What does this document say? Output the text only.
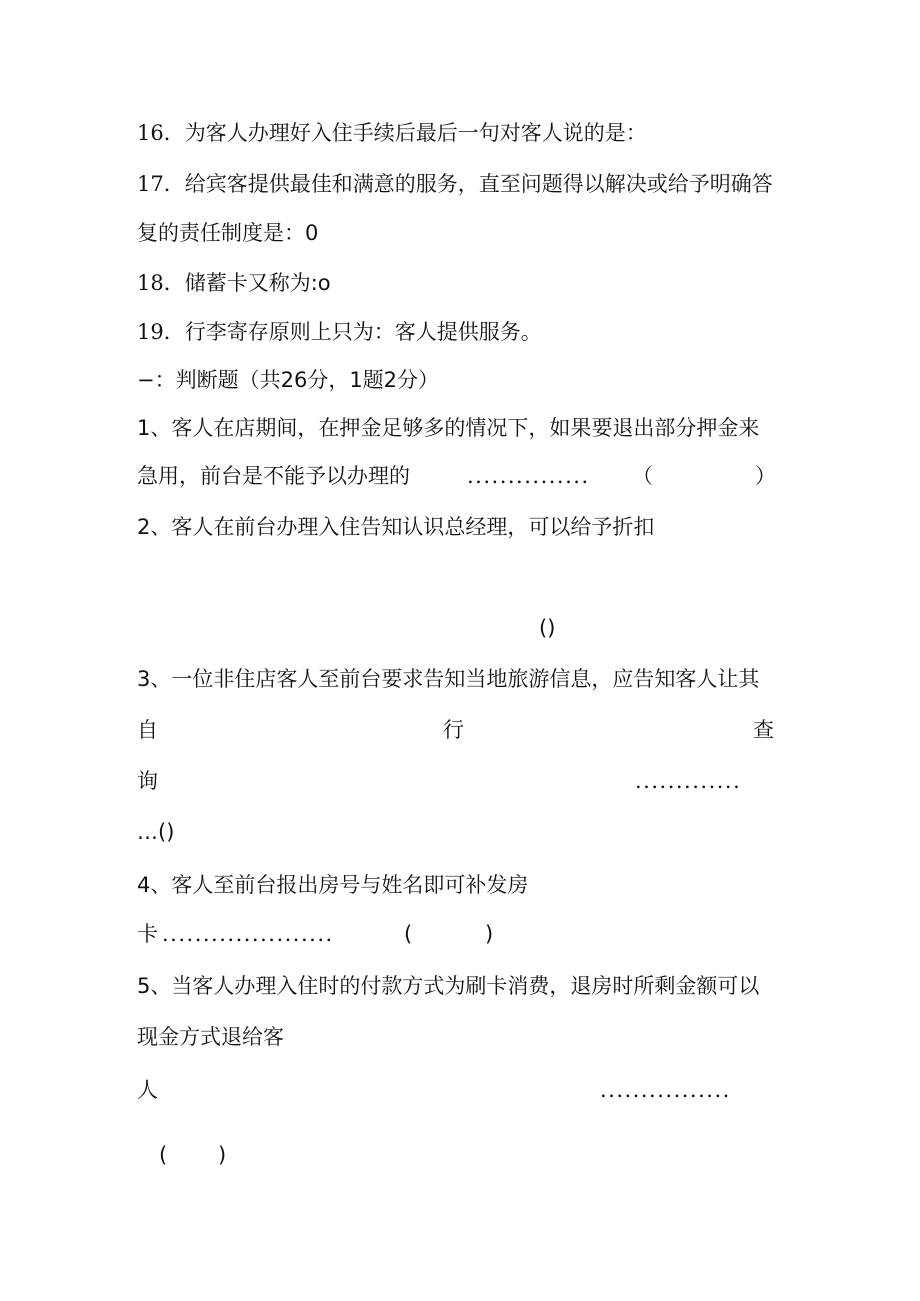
16．为客人办理好入住手续后最后一句对客人说的是：
17．给宾客提供最佳和满意的服务，直至问题得以解决或给予明确答
复的责任制度是：0
18．储蓄卡又称为:o
19．行李寄存原则上只为：客人提供服务。
−：判断题（共26分，1题2分）
1、客人在店期间，在押金足够多的情况下，如果要退出部分押金来
急用，前台是不能予以办理的	............... （	）
2、客人在前台办理入住告知认识总经理，可以给予折扣
()
3、一位非住店客人至前台要求告知当地旅游信息，应告知客人让其
自	行	查
询	.............
…()
4、客人至前台报出房号与姓名即可补发房
卡 .....................	(	)
5、当客人办理入住时的付款方式为刷卡消费，退房时所剩金额可以
现金方式退给客
人	................
( )
